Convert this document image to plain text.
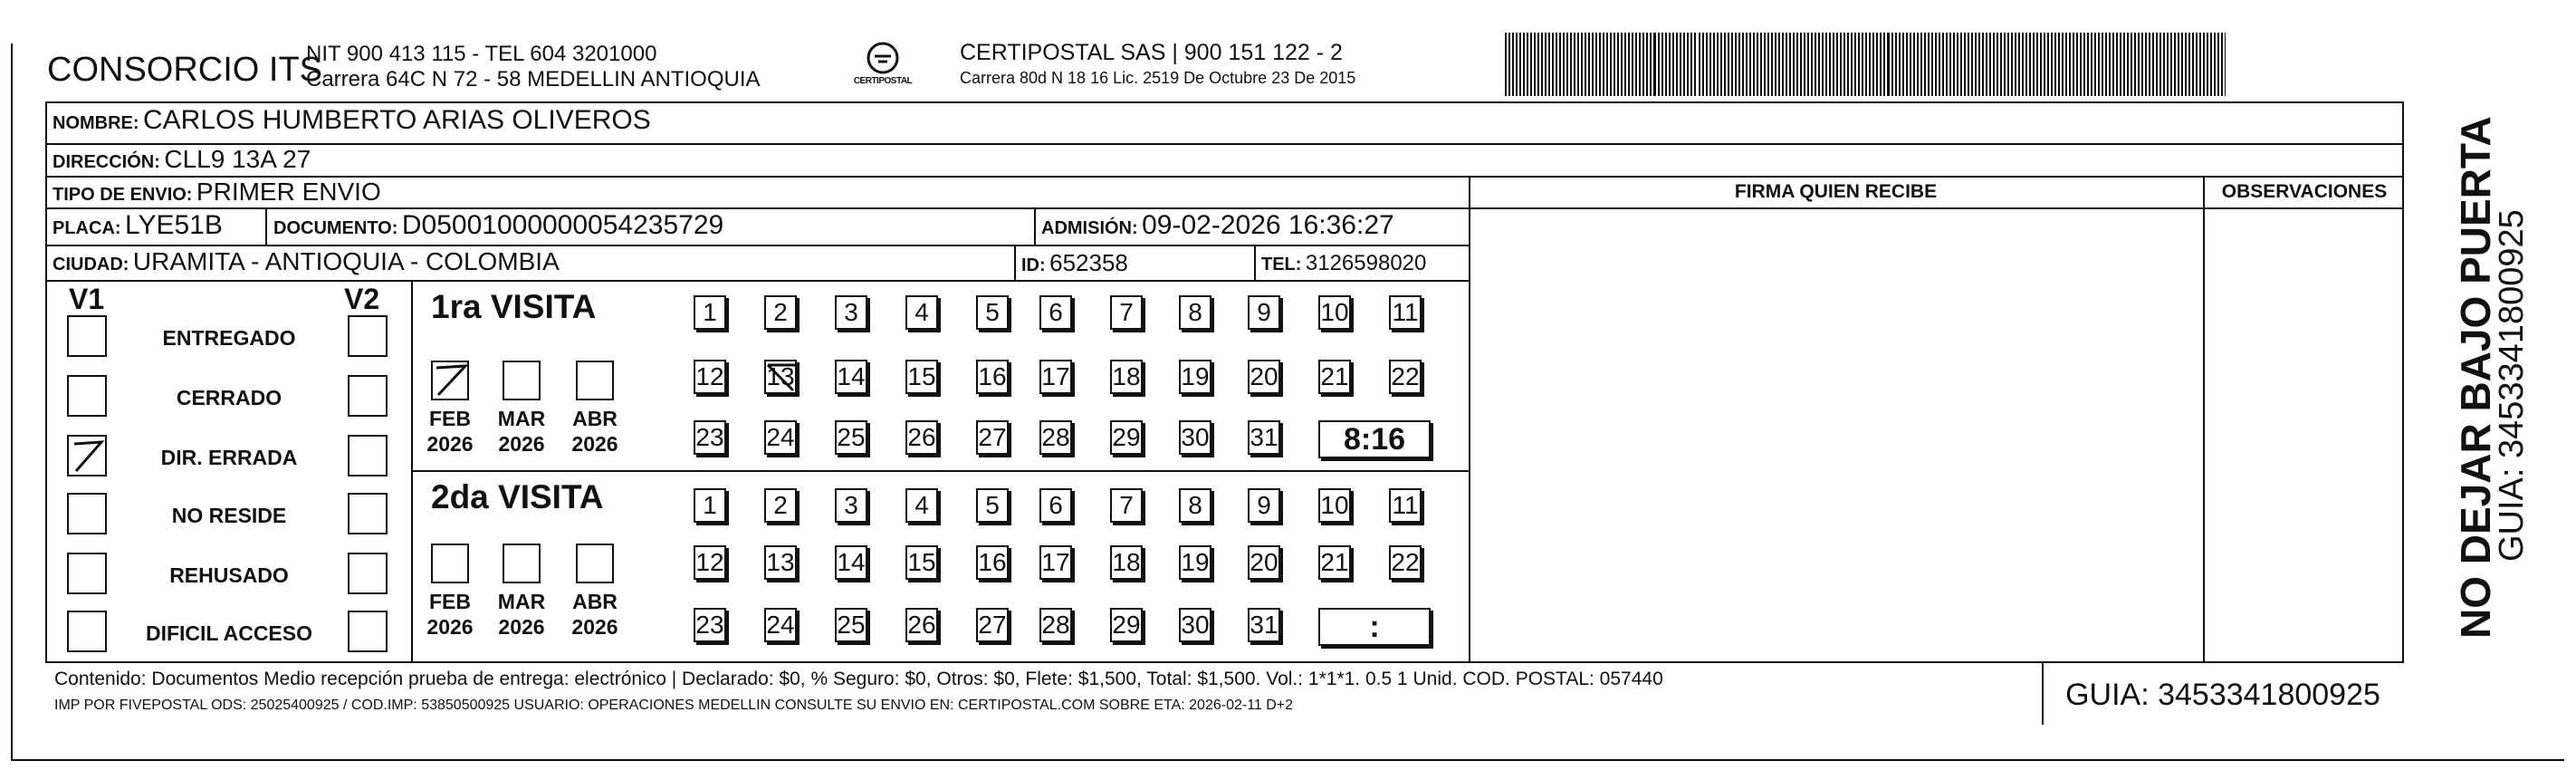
CONSORCIO ITS
NIT 900 413 115 - TEL 604 3201000
Carrera 64C N 72 - 58 MEDELLIN ANTIOQUIA	CERTIPOSTAL
CERTIPOSTAL SAS | 900 151 122 - 2
Carrera 80d N 18 16 Lic. 2519 De Octubre 23 De 2015
NOMBRE: CARLOS HUMBERTO ARIAS OLIVEROS
DIRECCIÓN: CLL9 13A 27
TIPO DE ENVIO: PRIMER ENVIO
PLACA: LYE51B	DOCUMENTO: D05001000000054235729	ADMISIÓN: 09-02-2026 16:36:27
CIUDAD: URAMITA - ANTIOQUIA - COLOMBIA	ID: 652358	TEL: 3126598020
FIRMA QUIEN RECIBE	OBSERVACIONES
V1	V2 1ra VISITA
2da VISITA
Contenido: Documentos Medio recepción prueba de entrega: electrónico | Declarado: $0, % Seguro: $0, Otros: $0, Flete: $1,500, Total: $1,500. Vol.: 1*1*1. 0.5 1 Unid. COD. POSTAL: 057440
IMP POR FIVEPOSTAL ODS: 25025400925 / COD.IMP: 53850500925 USUARIO: OPERACIONES MEDELLIN CONSULTE SU ENVIO EN: CERTIPOSTAL.COM SOBRE ETA: 2026-02-11 D+2	GUIA: 3453341800925
NO DEJAR BAJO PUERTA
GUIA: 3453341800925
ENTREGADO
CERRADO
DIR. ERRADA
NO RESIDE
REHUSADO
DIFICIL ACCESO
FEB
2026
MAR
2026
ABR
2026
FEB
2026
MAR
2026
ABR
2026
1	2	3	4	5	6	7	8	9	10 11
12 13 14 15 16 17 18 19 20 21 22
23 24 25 26 27 28 29 30 31	8:16
1	2	3	4	5	6	7	8	9	10 11
12 13 14 15 16 17 18 19 20 21 22
23 24 25 26 27 28 29 30 31	:
